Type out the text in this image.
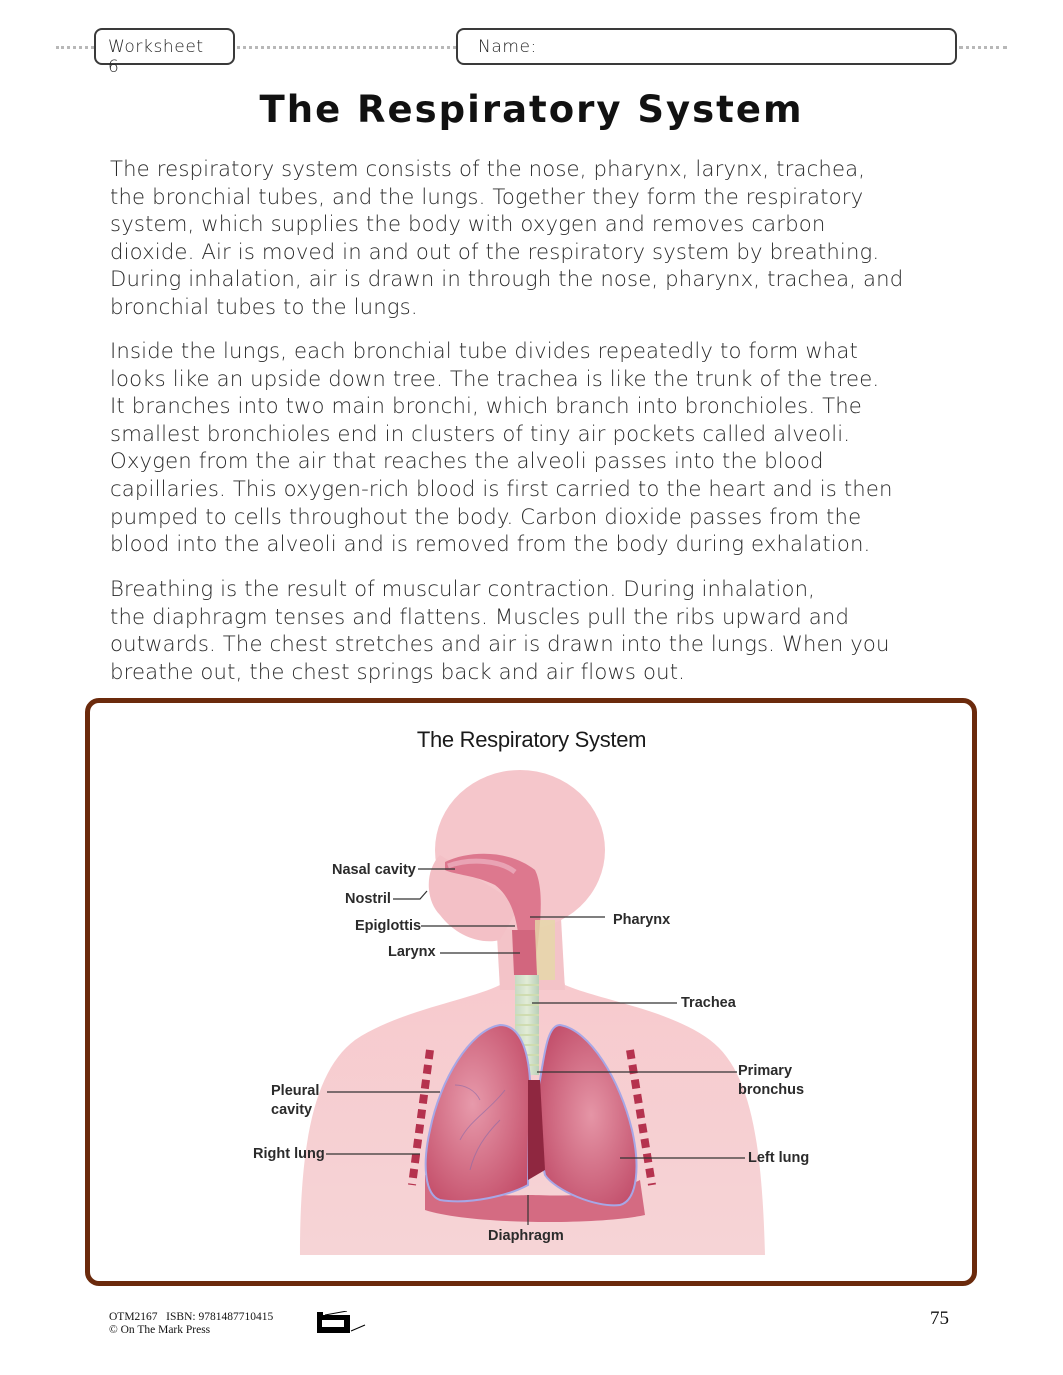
Worksheet 6
Name:
The Respiratory System
The respiratory system consists of the nose, pharynx, larynx, trachea,
the bronchial tubes, and the lungs. Together they form the respiratory
system, which supplies the body with oxygen and removes carbon
dioxide. Air is moved in and out of the respiratory system by breathing.
During inhalation, air is drawn in through the nose, pharynx, trachea, and
bronchial tubes to the lungs.
Inside the lungs, each bronchial tube divides repeatedly to form what
looks like an upside down tree. The trachea is like the trunk of the tree.
It branches into two main bronchi, which branch into bronchioles. The
smallest bronchioles end in clusters of tiny air pockets called alveoli.
Oxygen from the air that reaches the alveoli passes into the blood
capillaries. This oxygen-rich blood is first carried to the heart and is then
pumped to cells throughout the body. Carbon dioxide passes from the
blood into the alveoli and is removed from the body during exhalation.
Breathing is the result of muscular contraction. During inhalation,
the diaphragm tenses and flattens. Muscles pull the ribs upward and
outwards. The chest stretches and air is drawn into the lungs. When you
breathe out, the chest springs back and air flows out.
The Respiratory System
Nasal cavity
Nostril
Epiglottis
Larynx
Pharynx
Trachea
Primary
bronchus
Pleural
cavity
Right lung	Left lung
Diaphragm
OTM2167   ISBN: 9781487710415
© On The Mark Press
75
